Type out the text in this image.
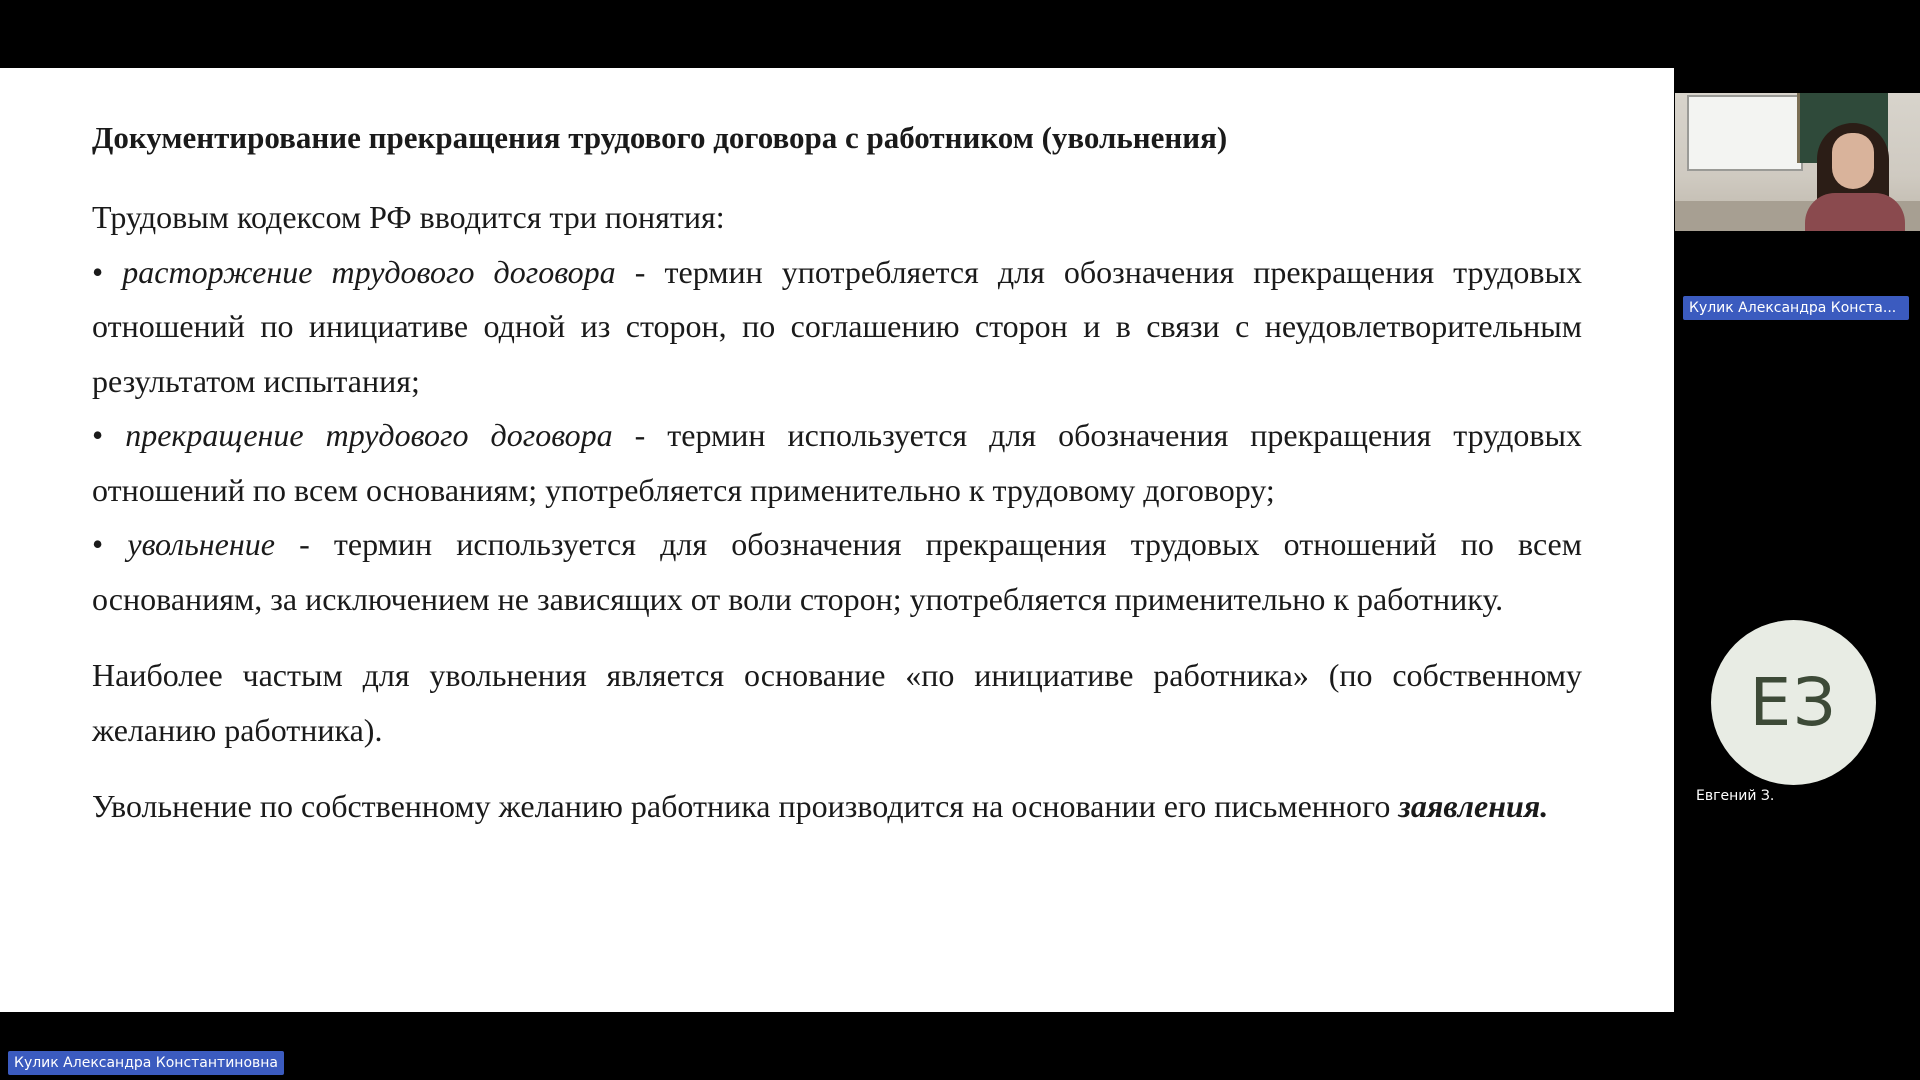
Документирование прекращения трудового договора с работником (увольнения)

Трудовым кодексом РФ вводится три понятия:

• расторжение трудового договора - термин употребляется для обозначения прекращения трудовых отношений по инициативе одной из сторон, по соглашению сторон и в связи с неудовлетворительным результатом испытания;

• прекращение трудового договора - термин используется для обозначения прекращения трудовых отношений по всем основаниям; употребляется применительно к трудовому договору;

• увольнение - термин используется для обозначения прекращения трудовых отношений по всем основаниям, за исключением не зависящих от воли сторон; употребляется применительно к работнику.

Наиболее частым для увольнения является основание «по инициативе работника» (по собственному желанию работника).

Увольнение по собственному желанию работника производится на основании его письменного заявления.

Кулик Александра Конста...
ЕЗ
Евгений З.
Кулик Александра Константиновна
